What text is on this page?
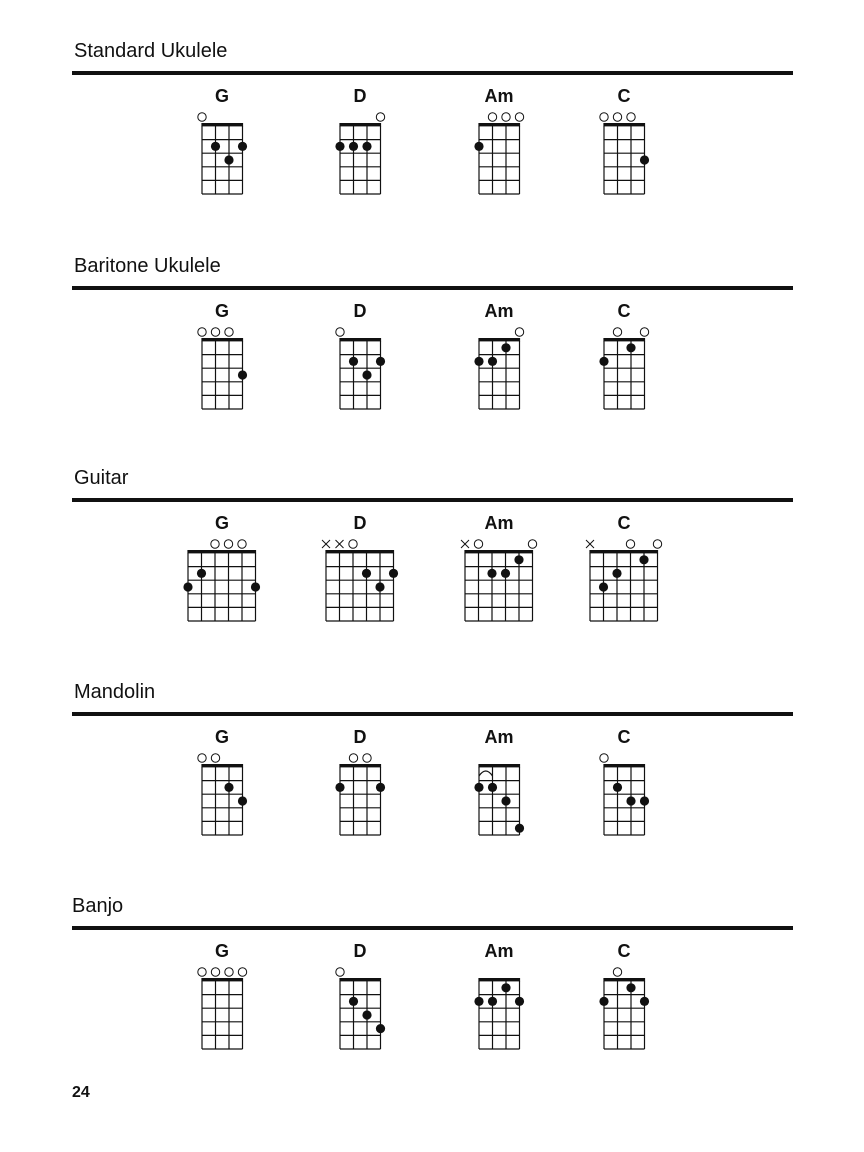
Standard Ukulele
G	D	Am	C
Baritone Ukulele
G	D	Am	C
Guitar
G	D	Am	C
Mandolin
G	D	Am	C
Banjo
G	D	Am	C
24
